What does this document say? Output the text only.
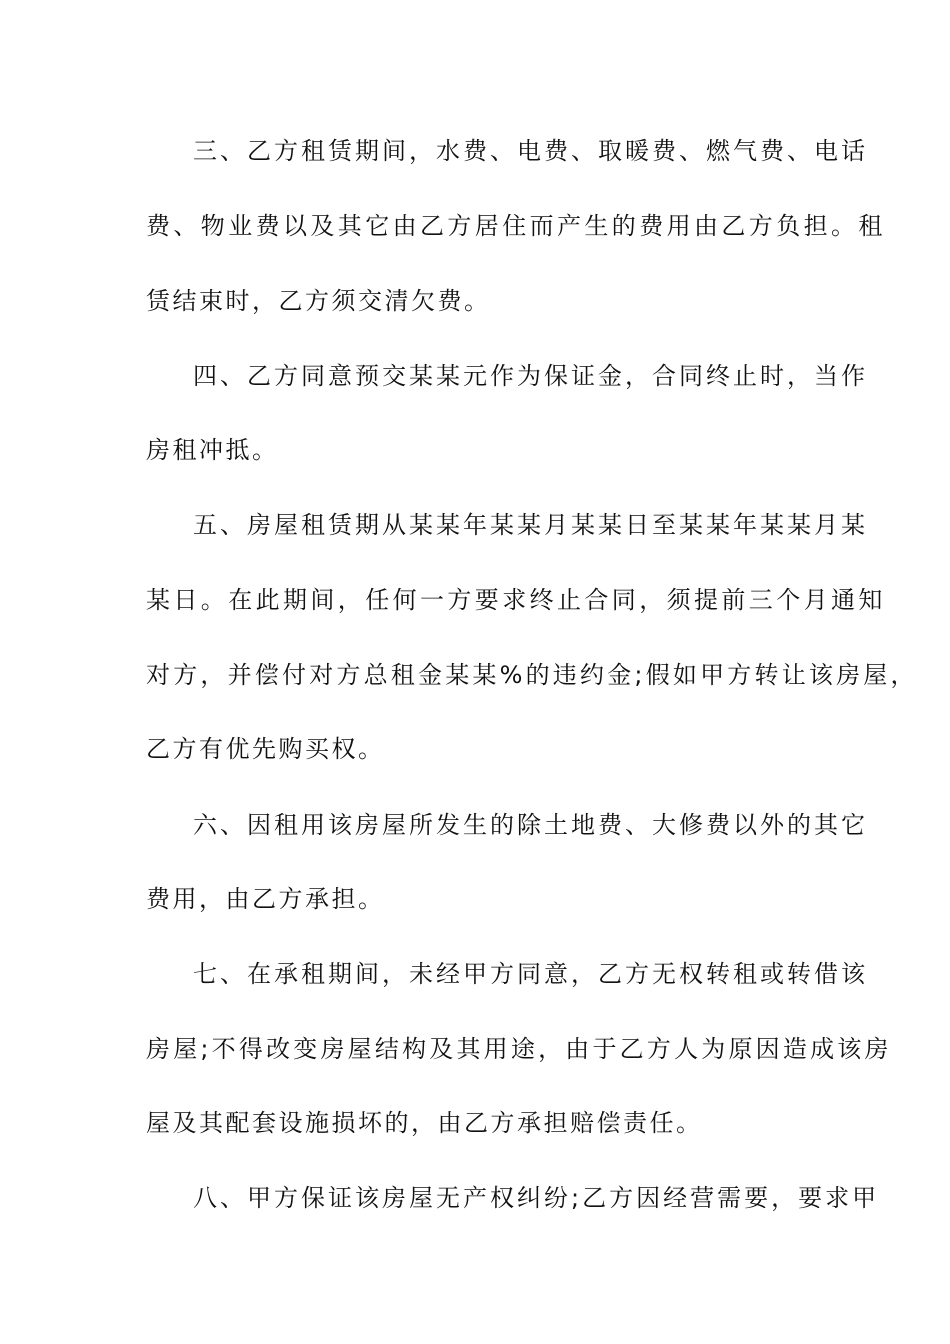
三、乙方租赁期间，水费、电费、取暖费、燃气费、电话
费、物业费以及其它由乙方居住而产生的费用由乙方负担。租
赁结束时，乙方须交清欠费。
四、乙方同意预交某某元作为保证金，合同终止时，当作
房租冲抵。
五、房屋租赁期从某某年某某月某某日至某某年某某月某
某日。在此期间，任何一方要求终止合同，须提前三个月通知
对方，并偿付对方总租金某某%的违约金;假如甲方转让该房屋，
乙方有优先购买权。
六、因租用该房屋所发生的除土地费、大修费以外的其它
费用，由乙方承担。
七、在承租期间，未经甲方同意，乙方无权转租或转借该
房屋;不得改变房屋结构及其用途，由于乙方人为原因造成该房
屋及其配套设施损坏的，由乙方承担赔偿责任。
八、甲方保证该房屋无产权纠纷;乙方因经营需要，要求甲
